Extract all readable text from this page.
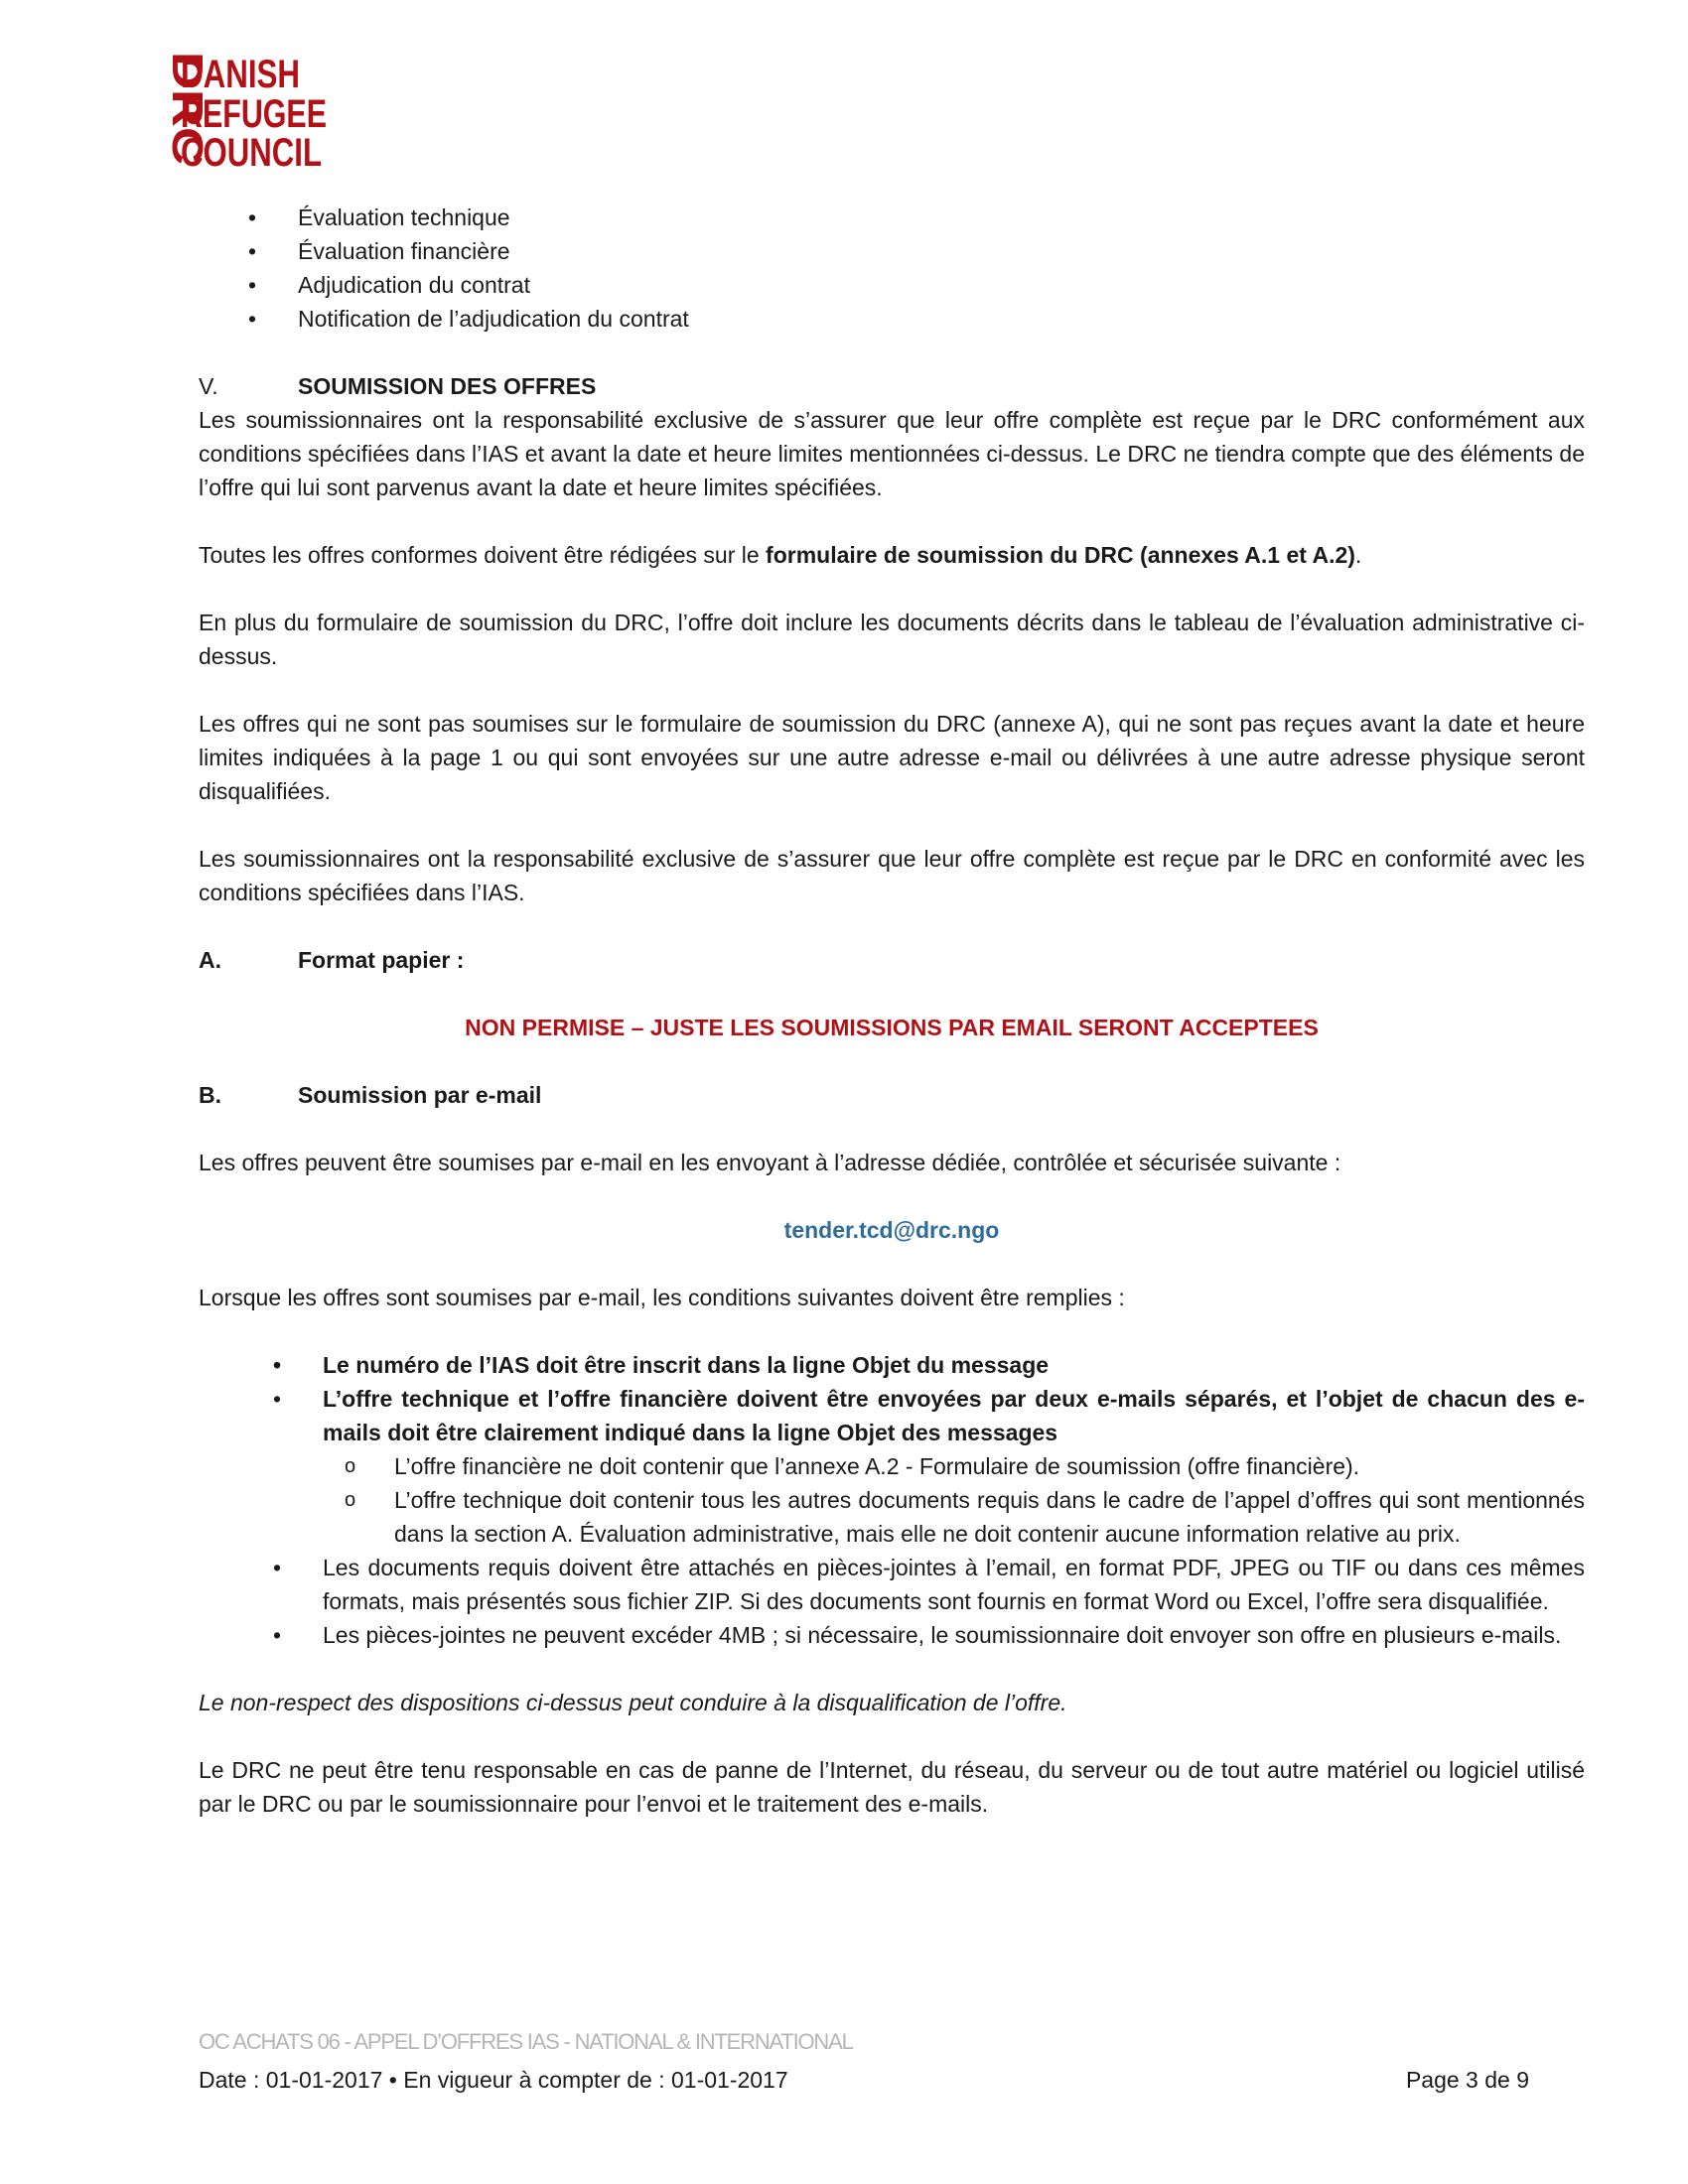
DRC
DANISH
REFUGEE
COUNCIL
• Évaluation technique
• Évaluation financière
• Adjudication du contrat
• Notification de l’adjudication du contrat
V.	SOUMISSION DES OFFRES

Les soumissionnaires ont la responsabilité exclusive de s’assurer que leur offre complète est reçue par le DRC conformément aux conditions spécifiées dans l’IAS et avant la date et heure limites mentionnées ci-dessus. Le DRC ne tiendra compte que des éléments de l’offre qui lui sont parvenus avant la date et heure limites spécifiées.

Toutes les offres conformes doivent être rédigées sur le formulaire de soumission du DRC (annexes A.1 et A.2).

En plus du formulaire de soumission du DRC, l’offre doit inclure les documents décrits dans le tableau de l’évaluation administrative ci-dessus.

Les offres qui ne sont pas soumises sur le formulaire de soumission du DRC (annexe A), qui ne sont pas reçues avant la date et heure limites indiquées à la page 1 ou qui sont envoyées sur une autre adresse e-mail ou délivrées à une autre adresse physique seront disqualifiées.

Les soumissionnaires ont la responsabilité exclusive de s’assurer que leur offre complète est reçue par le DRC en conformité avec les conditions spécifiées dans l’IAS.

A.	Format papier :

NON PERMISE – JUSTE LES SOUMISSIONS PAR EMAIL SERONT ACCEPTEES

B.	Soumission par e-mail

Les offres peuvent être soumises par e-mail en les envoyant à l’adresse dédiée, contrôlée et sécurisée suivante :

tender.tcd@drc.ngo

Lorsque les offres sont soumises par e-mail, les conditions suivantes doivent être remplies :

• Le numéro de l’IAS doit être inscrit dans la ligne Objet du message
• L’offre technique et l’offre financière doivent être envoyées par deux e-mails séparés, et l’objet de chacun des e-mails doit être clairement indiqué dans la ligne Objet des messages
o L’offre financière ne doit contenir que l’annexe A.2 - Formulaire de soumission (offre financière).
o L’offre technique doit contenir tous les autres documents requis dans le cadre de l’appel d’offres qui sont mentionnés dans la section A. Évaluation administrative, mais elle ne doit contenir aucune information relative au prix.
• Les documents requis doivent être attachés en pièces-jointes à l’email, en format PDF, JPEG ou TIF ou dans ces mêmes formats, mais présentés sous fichier ZIP. Si des documents sont fournis en format Word ou Excel, l’offre sera disqualifiée.
• Les pièces-jointes ne peuvent excéder 4MB ; si nécessaire, le soumissionnaire doit envoyer son offre en plusieurs e-mails.

Le non-respect des dispositions ci-dessus peut conduire à la disqualification de l’offre.

Le DRC ne peut être tenu responsable en cas de panne de l’Internet, du réseau, du serveur ou de tout autre matériel ou logiciel utilisé par le DRC ou par le soumissionnaire pour l’envoi et le traitement des e-mails.

OC ACHATS 06 - APPEL D’OFFRES IAS - NATIONAL & INTERNATIONAL
Date : 01-01-2017 • En vigueur à compter de : 01-01-2017	Page 3 de 9
